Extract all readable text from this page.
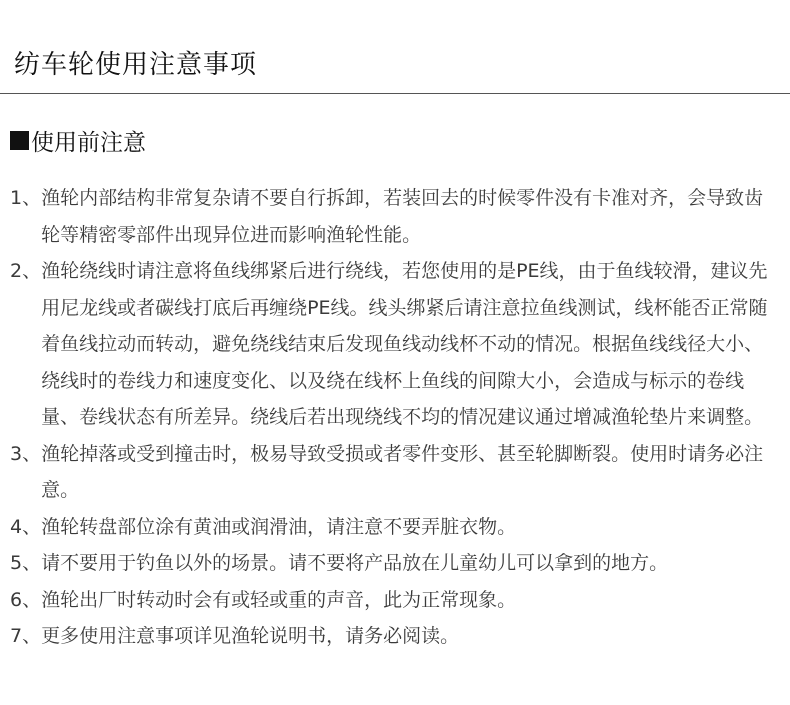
纺车轮使用注意事项
使用前注意
1、 渔轮内部结构非常复杂请不要自行拆卸，若装回去的时候零件没有卡准对齐，会导致齿轮等精密零部件出现异位进而影响渔轮性能。
2、 渔轮绕线时请注意将鱼线绑紧后进行绕线，若您使用的是PE线，由于鱼线较滑，建议先用尼龙线或者碳线打底后再缠绕PE线。线头绑紧后请注意拉鱼线测试，线杯能否正常随着鱼线拉动而转动，避免绕线结束后发现鱼线动线杯不动的情况。根据鱼线线径大小、绕线时的卷线力和速度变化、以及绕在线杯上鱼线的间隙大小，会造成与标示的卷线量、卷线状态有所差异。绕线后若出现绕线不均的情况建议通过增减渔轮垫片来调整。
3、 渔轮掉落或受到撞击时，极易导致受损或者零件变形、甚至轮脚断裂。使用时请务必注意。
4、 渔轮转盘部位涂有黄油或润滑油，请注意不要弄脏衣物。
5、 请不要用于钓鱼以外的场景。请不要将产品放在儿童幼儿可以拿到的地方。
6、 渔轮出厂时转动时会有或轻或重的声音，此为正常现象。
7、 更多使用注意事项详见渔轮说明书，请务必阅读。
